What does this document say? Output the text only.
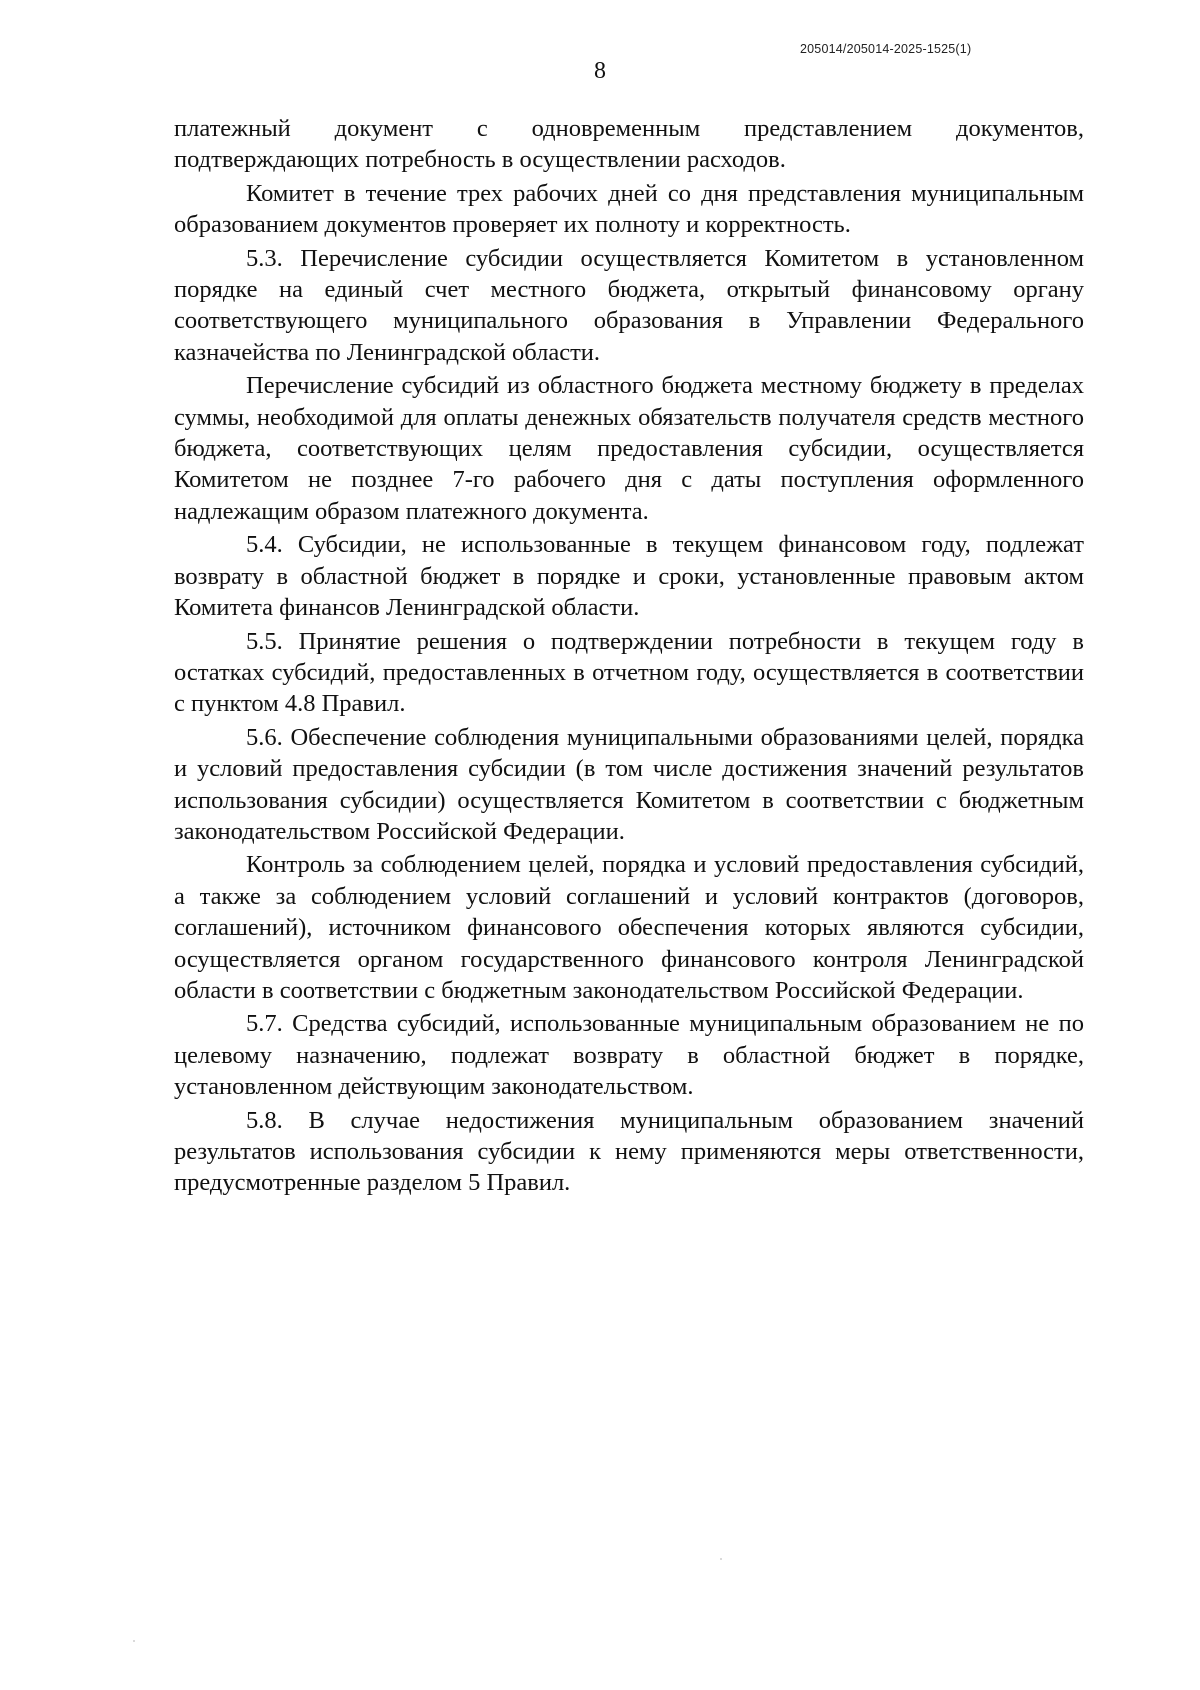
205014/205014-2025-1525(1)
8

платежный документ с одновременным представлением документов, подтверждающих потребность в осуществлении расходов.

Комитет в течение трех рабочих дней со дня представления муниципальным образованием документов проверяет их полноту и корректность.

5.3. Перечисление субсидии осуществляется Комитетом в установленном порядке на единый счет местного бюджета, открытый финансовому органу соответствующего муниципального образования в Управлении Федерального казначейства по Ленинградской области.

Перечисление субсидий из областного бюджета местному бюджету в пределах суммы, необходимой для оплаты денежных обязательств получателя средств местного бюджета, соответствующих целям предоставления субсидии, осуществляется Комитетом не позднее 7-го рабочего дня с даты поступления оформленного надлежащим образом платежного документа.

5.4. Субсидии, не использованные в текущем финансовом году, подлежат возврату в областной бюджет в порядке и сроки, установленные правовым актом Комитета финансов Ленинградской области.

5.5. Принятие решения о подтверждении потребности в текущем году в остатках субсидий, предоставленных в отчетном году, осуществляется в соответствии с пунктом 4.8 Правил.

5.6. Обеспечение соблюдения муниципальными образованиями целей, порядка и условий предоставления субсидии (в том числе достижения значений результатов использования субсидии) осуществляется Комитетом в соответствии с бюджетным законодательством Российской Федерации.

Контроль за соблюдением целей, порядка и условий предоставления субсидий, а также за соблюдением условий соглашений и условий контрактов (договоров, соглашений), источником финансового обеспечения которых являются субсидии, осуществляется органом государственного финансового контроля Ленинградской области в соответствии с бюджетным законодательством Российской Федерации.

5.7. Средства субсидий, использованные муниципальным образованием не по целевому назначению, подлежат возврату в областной бюджет в порядке, установленном действующим законодательством.

5.8. В случае недостижения муниципальным образованием значений результатов использования субсидии к нему применяются меры ответственности, предусмотренные разделом 5 Правил.
